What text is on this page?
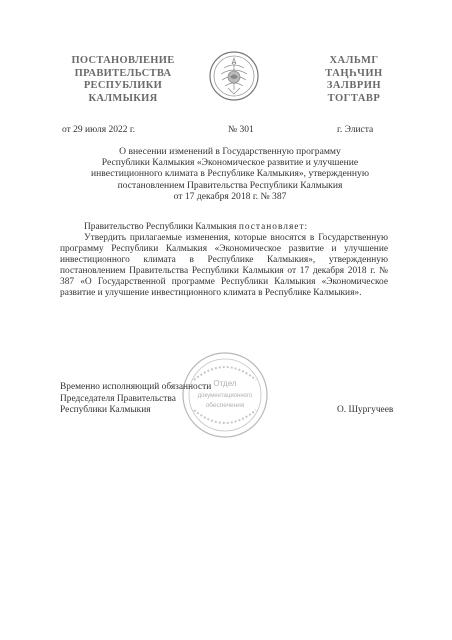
ПОСТАНОВЛЕНИЕ
ПРАВИТЕЛЬСТВА
РЕСПУБЛИКИ
КАЛМЫКИЯ
ХАЛЬМГ
ТАҢҺЧИН
ЗАЛВРИН
ТОГТАВР
от 29 июля 2022 г.	№ 301	г. Элиста
О внесении изменений в Государственную программу
Республики Калмыкия «Экономическое развитие и улучшение
инвестиционного климата в Республике Калмыкия», утвержденную
постановлением Правительства Республики Калмыкия
от 17 декабря 2018 г. № 387

Правительство Республики Калмыкия постановляет:

Утвердить прилагаемые изменения, которые вносятся в Государственную программу Республики Калмыкия «Экономическое развитие и улучшение инвестиционного климата в Республике Калмыкия», утвержденную постановлением Правительства Республики Калмыкия от 17 декабря 2018 г. № 387 «О Государственной программе Республики Калмыкия «Экономическое развитие и улучшение инвестиционного климата в Республике Калмыкия».

Отдел
документационного
обеспечения
Временно исполняющий обязанности
Председателя Правительства
Республики Калмыкия	О. Шургучеев
